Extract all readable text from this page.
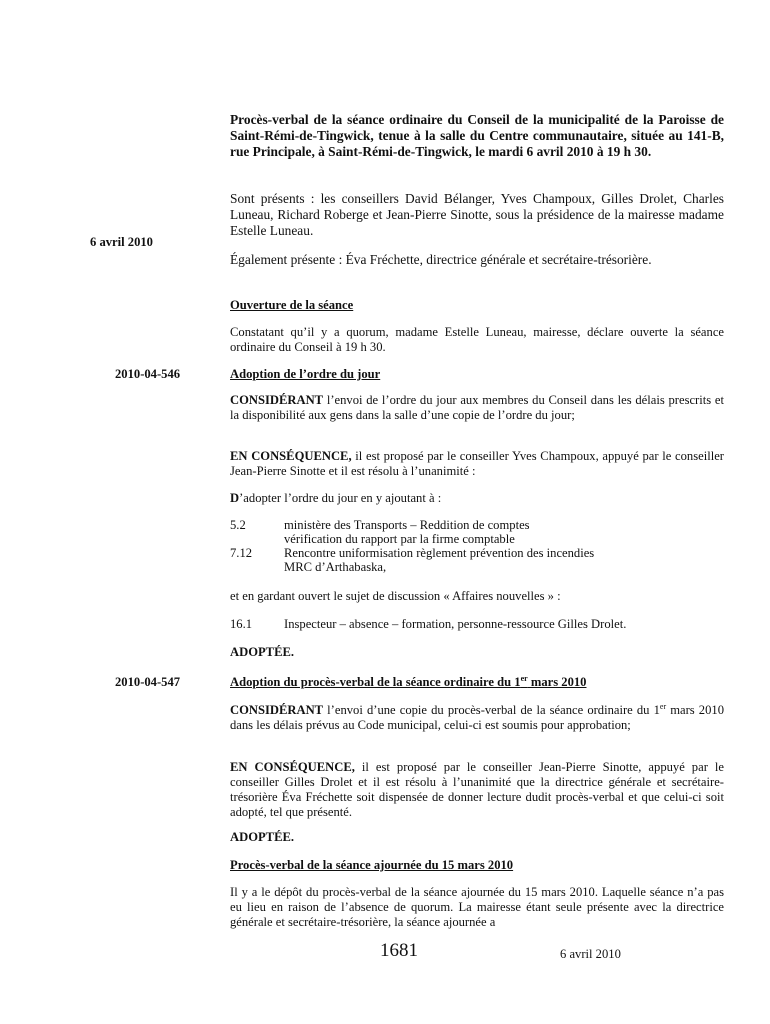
Procès-verbal de la séance ordinaire du Conseil de la municipalité de la Paroisse de Saint-Rémi-de-Tingwick, tenue à la salle du Centre communautaire, située au 141-B, rue Principale, à Saint-Rémi-de-Tingwick, le mardi 6 avril 2010 à 19 h 30.

Sont présents : les conseillers David Bélanger, Yves Champoux, Gilles Drolet, Charles Luneau, Richard Roberge et Jean-Pierre Sinotte, sous la présidence de la mairesse madame Estelle Luneau.

6 avril 2010

Également présente : Éva Fréchette, directrice générale et secrétaire-trésorière.

Ouverture de la séance

Constatant qu’il y a quorum, madame Estelle Luneau, mairesse, déclare ouverte la séance ordinaire du Conseil à 19 h 30.

2010-04-546	Adoption de l’ordre du jour

CONSIDÉRANT l’envoi de l’ordre du jour aux membres du Conseil dans les délais prescrits et la disponibilité aux gens dans la salle d’une copie de l’ordre du jour;

EN CONSÉQUENCE, il est proposé par le conseiller Yves Champoux, appuyé par le conseiller Jean-Pierre Sinotte et il est résolu à l’unanimité :

D’adopter l’ordre du jour en y ajoutant à :

5.2	ministère des Transports – Reddition de comptes
vérification du rapport par la firme comptable
7.12	Rencontre uniformisation règlement prévention des incendies
MRC d’Arthabaska,

et en gardant ouvert le sujet de discussion « Affaires nouvelles » :

16.1	Inspecteur – absence – formation, personne-ressource Gilles Drolet.

ADOPTÉE.

2010-04-547	Adoption du procès-verbal de la séance ordinaire du 1er mars 2010

CONSIDÉRANT l’envoi d’une copie du procès-verbal de la séance ordinaire du 1er mars 2010 dans les délais prévus au Code municipal, celui-ci est soumis pour approbation;

EN CONSÉQUENCE, il est proposé par le conseiller Jean-Pierre Sinotte, appuyé par le conseiller Gilles Drolet et il est résolu à l’unanimité que la directrice générale et secrétaire-trésorière Éva Fréchette soit dispensée de donner lecture dudit procès-verbal et que celui-ci soit adopté, tel que présenté.

ADOPTÉE.

Procès-verbal de la séance ajournée du 15 mars 2010

Il y a le dépôt du procès-verbal de la séance ajournée du 15 mars 2010. Laquelle séance n’a pas eu lieu en raison de l’absence de quorum. La mairesse étant seule présente avec la directrice générale et secrétaire-trésorière, la séance ajournée a

1681	6 avril 2010
